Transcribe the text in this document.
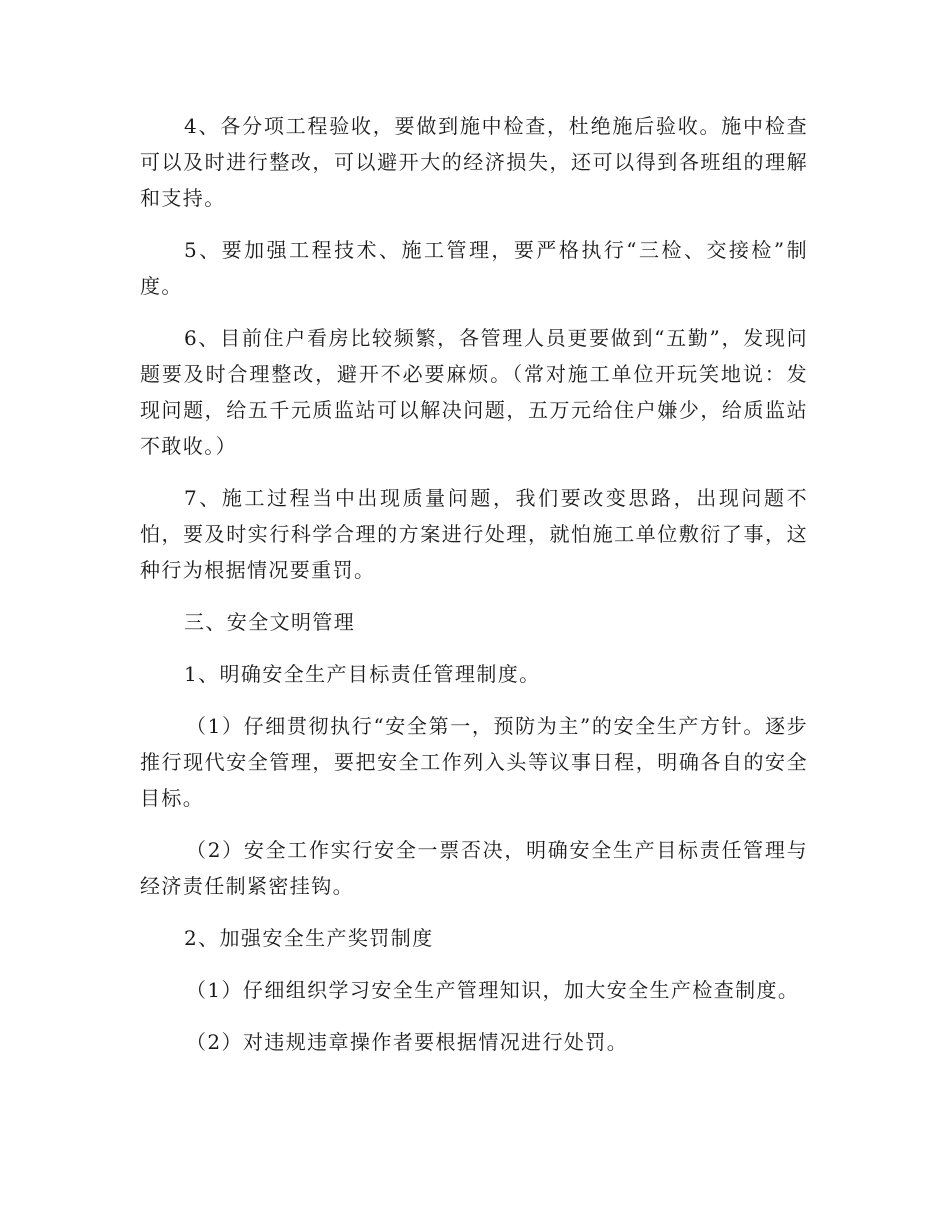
4、各分项工程验收，要做到施中检查，杜绝施后验收。施中检查可以及时进行整改，可以避开大的经济损失，还可以得到各班组的理解和支持。

5、要加强工程技术、施工管理，要严格执行“三检、交接检”制度。

6、目前住户看房比较频繁，各管理人员更要做到“五勤”，发现问题要及时合理整改，避开不必要麻烦。（常对施工单位开玩笑地说：发现问题，给五千元质监站可以解决问题，五万元给住户嫌少，给质监站不敢收。）

7、施工过程当中出现质量问题，我们要改变思路，出现问题不怕，要及时实行科学合理的方案进行处理，就怕施工单位敷衍了事，这种行为根据情况要重罚。

三、安全文明管理

1、明确安全生产目标责任管理制度。

（1）仔细贯彻执行“安全第一，预防为主”的安全生产方针。逐步推行现代安全管理，要把安全工作列入头等议事日程，明确各自的安全目标。

（2）安全工作实行安全一票否决，明确安全生产目标责任管理与经济责任制紧密挂钩。

2、加强安全生产奖罚制度

（1）仔细组织学习安全生产管理知识，加大安全生产检查制度。

（2）对违规违章操作者要根据情况进行处罚。
